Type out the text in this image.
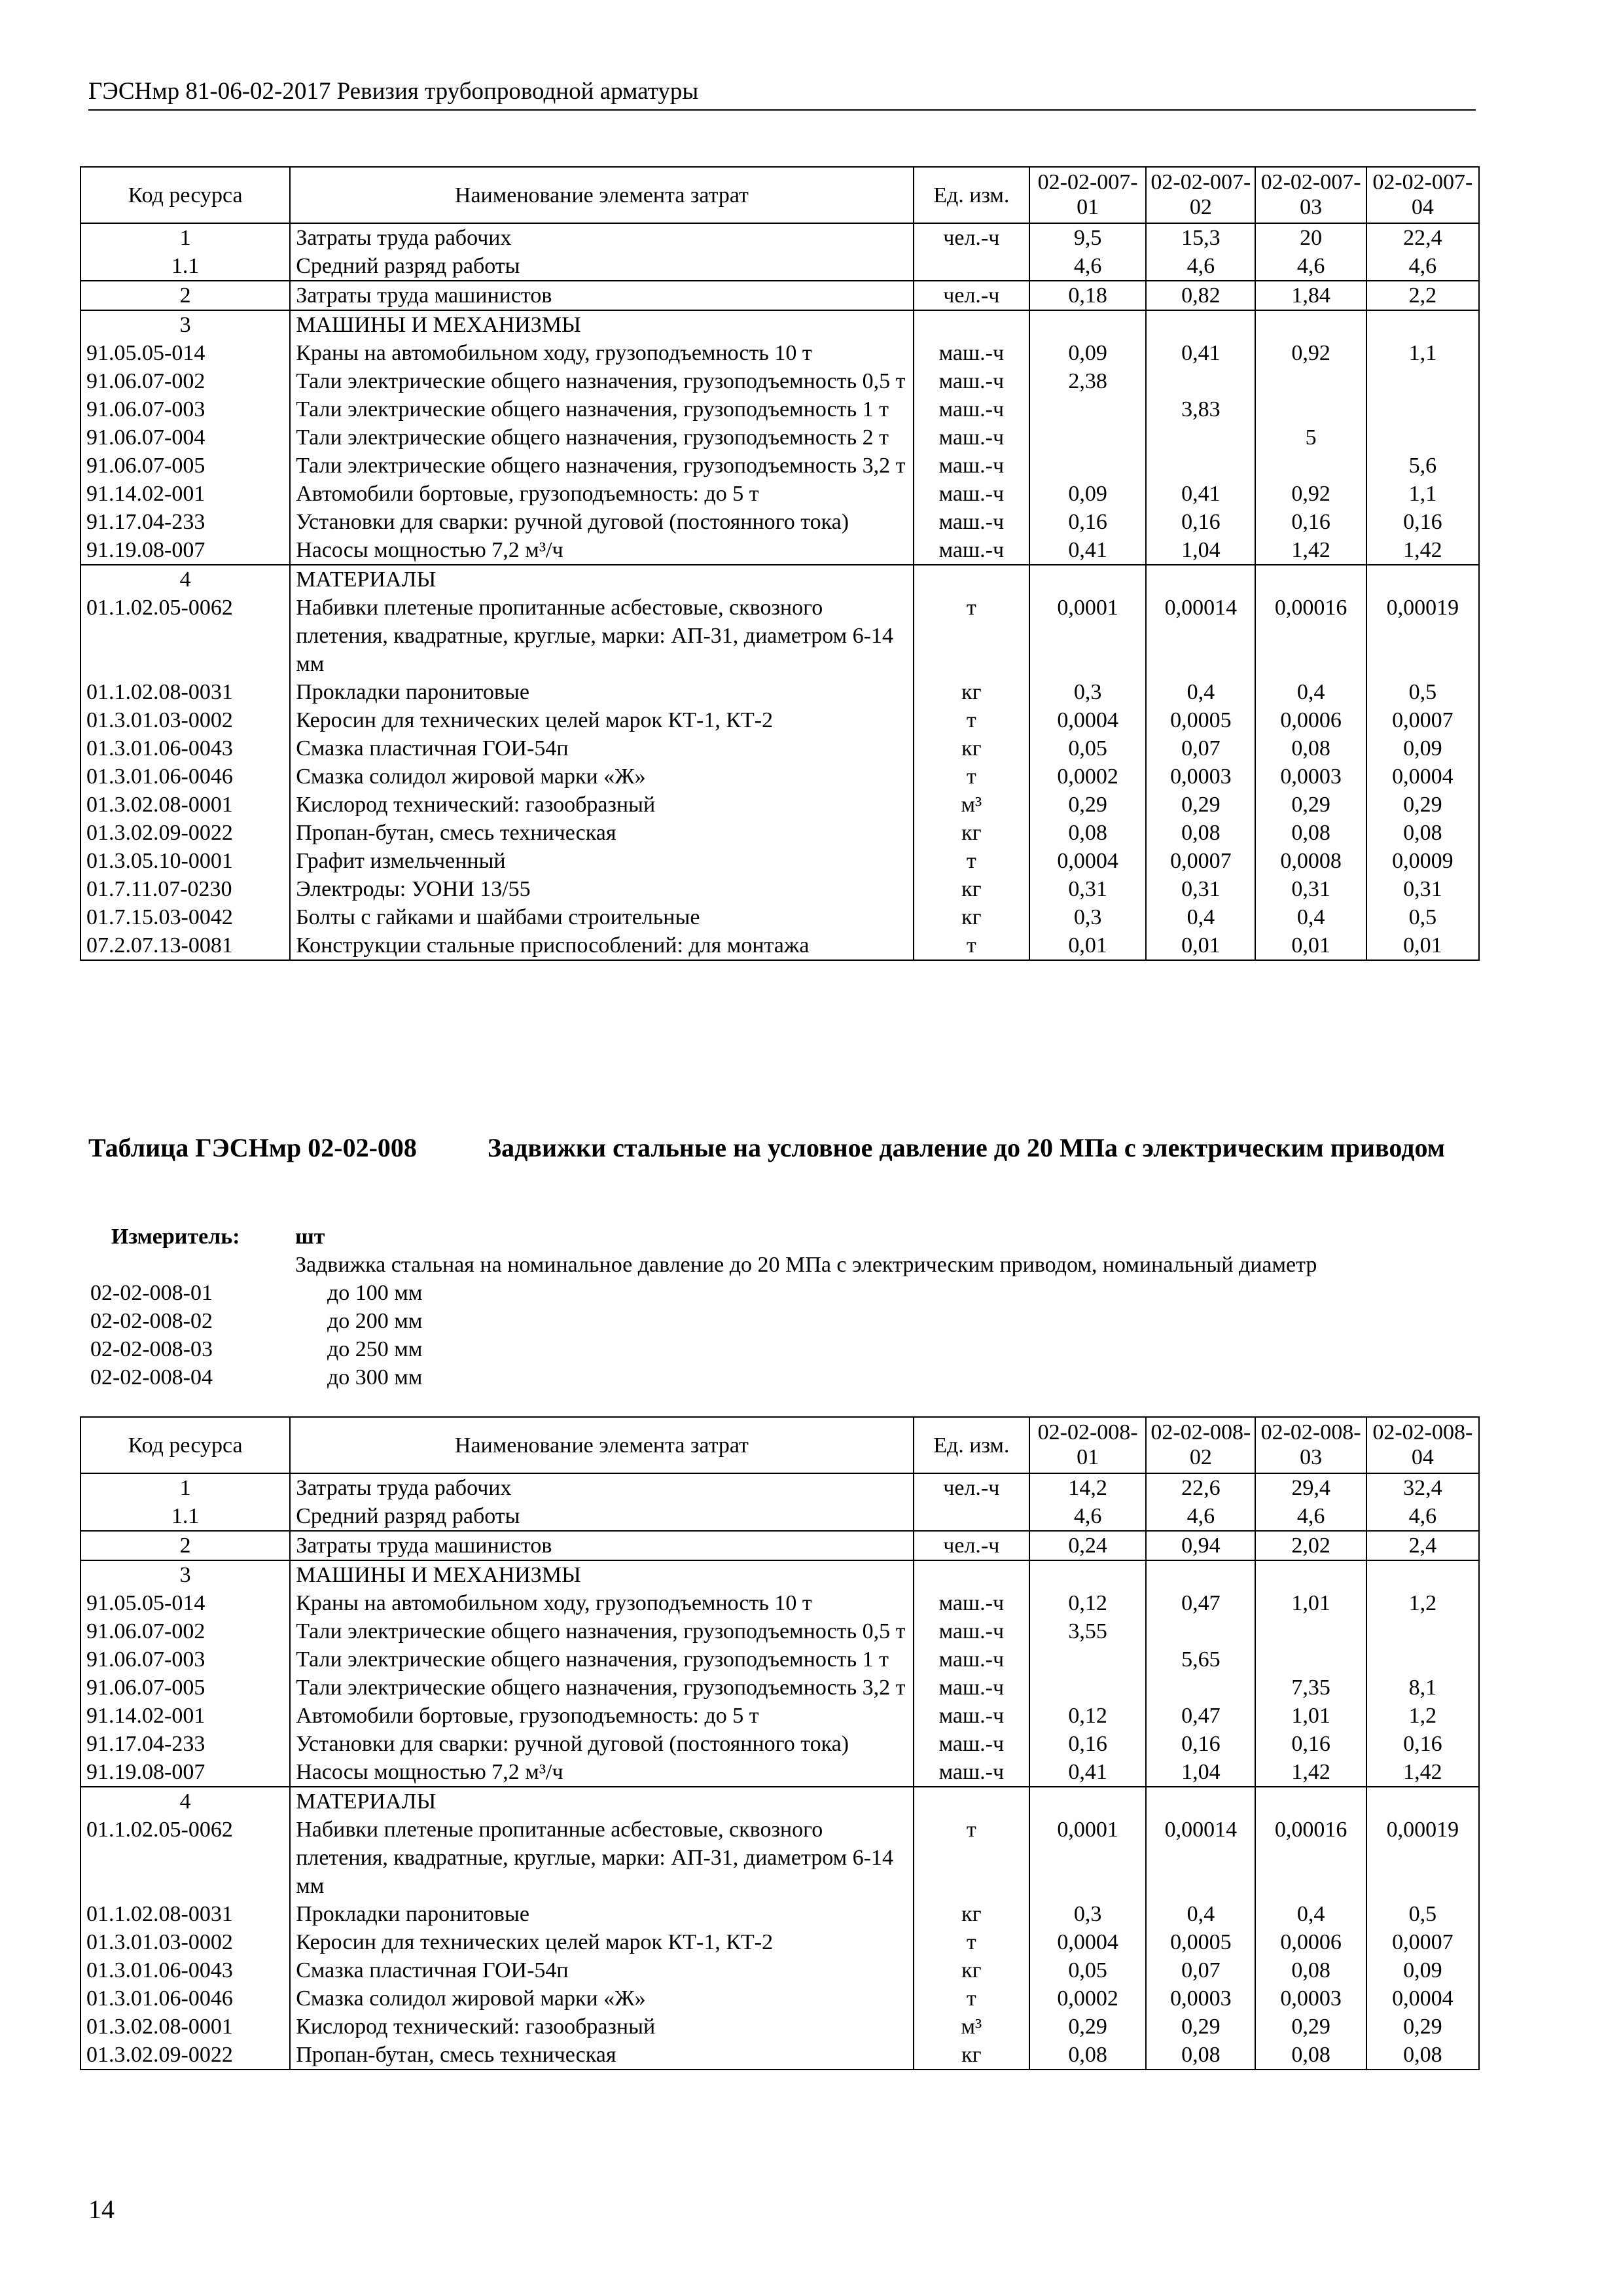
ГЭСНмр 81-06-02-2017 Ревизия трубопроводной арматуры
Код ресурса	Наименование элемента затрат	Ед. изм.	02-02-007-01	02-02-007-02	02-02-007-03	02-02-007-04
1	Затраты труда рабочих	чел.-ч	9,5	15,3	20	22,4
1.1	Средний разряд работы		4,6	4,6	4,6	4,6
2	Затраты труда машинистов	чел.-ч	0,18	0,82	1,84	2,2
3	МАШИНЫ И МЕХАНИЗМЫ					
91.05.05-014	Краны на автомобильном ходу, грузоподъемность 10 т	маш.-ч	0,09	0,41	0,92	1,1
91.06.07-002	Тали электрические общего назначения, грузоподъемность 0,5 т	маш.-ч	2,38			
91.06.07-003	Тали электрические общего назначения, грузоподъемность 1 т	маш.-ч		3,83		
91.06.07-004	Тали электрические общего назначения, грузоподъемность 2 т	маш.-ч			5	
91.06.07-005	Тали электрические общего назначения, грузоподъемность 3,2 т	маш.-ч				5,6
91.14.02-001	Автомобили бортовые, грузоподъемность: до 5 т	маш.-ч	0,09	0,41	0,92	1,1
91.17.04-233	Установки для сварки: ручной дуговой (постоянного тока)	маш.-ч	0,16	0,16	0,16	0,16
91.19.08-007	Насосы мощностью 7,2 м³/ч	маш.-ч	0,41	1,04	1,42	1,42
4	МАТЕРИАЛЫ					
01.1.02.05-0062	Набивки плетеные пропитанные асбестовые, сквозного плетения, квадратные, круглые, марки: АП-31, диаметром 6-14 мм	т	0,0001	0,00014	0,00016	0,00019
01.1.02.08-0031	Прокладки паронитовые	кг	0,3	0,4	0,4	0,5
01.3.01.03-0002	Керосин для технических целей марок КТ-1, КТ-2	т	0,0004	0,0005	0,0006	0,0007
01.3.01.06-0043	Смазка пластичная ГОИ-54п	кг	0,05	0,07	0,08	0,09
01.3.01.06-0046	Смазка солидол жировой марки «Ж»	т	0,0002	0,0003	0,0003	0,0004
01.3.02.08-0001	Кислород технический: газообразный	м³	0,29	0,29	0,29	0,29
01.3.02.09-0022	Пропан-бутан, смесь техническая	кг	0,08	0,08	0,08	0,08
01.3.05.10-0001	Графит измельченный	т	0,0004	0,0007	0,0008	0,0009
01.7.11.07-0230	Электроды: УОНИ 13/55	кг	0,31	0,31	0,31	0,31
01.7.15.03-0042	Болты с гайками и шайбами строительные	кг	0,3	0,4	0,4	0,5
07.2.07.13-0081	Конструкции стальные приспособлений: для монтажа	т	0,01	0,01	0,01	0,01
Таблица ГЭСНмр 02-02-008	Задвижки стальные на условное давление до 20 МПа с электрическим приводом
Измеритель: шт
Задвижка стальная на номинальное давление до 20 МПа с электрическим приводом, номинальный диаметр
02-02-008-01	до 100 мм
02-02-008-02	до 200 мм
02-02-008-03	до 250 мм
02-02-008-04	до 300 мм
Код ресурса	Наименование элемента затрат	Ед. изм.	02-02-008-01	02-02-008-02	02-02-008-03	02-02-008-04
1	Затраты труда рабочих	чел.-ч	14,2	22,6	29,4	32,4
1.1	Средний разряд работы		4,6	4,6	4,6	4,6
2	Затраты труда машинистов	чел.-ч	0,24	0,94	2,02	2,4
3	МАШИНЫ И МЕХАНИЗМЫ					
91.05.05-014	Краны на автомобильном ходу, грузоподъемность 10 т	маш.-ч	0,12	0,47	1,01	1,2
91.06.07-002	Тали электрические общего назначения, грузоподъемность 0,5 т	маш.-ч	3,55			
91.06.07-003	Тали электрические общего назначения, грузоподъемность 1 т	маш.-ч		5,65		
91.06.07-005	Тали электрические общего назначения, грузоподъемность 3,2 т	маш.-ч			7,35	8,1
91.14.02-001	Автомобили бортовые, грузоподъемность: до 5 т	маш.-ч	0,12	0,47	1,01	1,2
91.17.04-233	Установки для сварки: ручной дуговой (постоянного тока)	маш.-ч	0,16	0,16	0,16	0,16
91.19.08-007	Насосы мощностью 7,2 м³/ч	маш.-ч	0,41	1,04	1,42	1,42
4	МАТЕРИАЛЫ					
01.1.02.05-0062	Набивки плетеные пропитанные асбестовые, сквозного плетения, квадратные, круглые, марки: АП-31, диаметром 6-14 мм	т	0,0001	0,00014	0,00016	0,00019
01.1.02.08-0031	Прокладки паронитовые	кг	0,3	0,4	0,4	0,5
01.3.01.03-0002	Керосин для технических целей марок КТ-1, КТ-2	т	0,0004	0,0005	0,0006	0,0007
01.3.01.06-0043	Смазка пластичная ГОИ-54п	кг	0,05	0,07	0,08	0,09
01.3.01.06-0046	Смазка солидол жировой марки «Ж»	т	0,0002	0,0003	0,0003	0,0004
01.3.02.08-0001	Кислород технический: газообразный	м³	0,29	0,29	0,29	0,29
01.3.02.09-0022	Пропан-бутан, смесь техническая	кг	0,08	0,08	0,08	0,08
14
